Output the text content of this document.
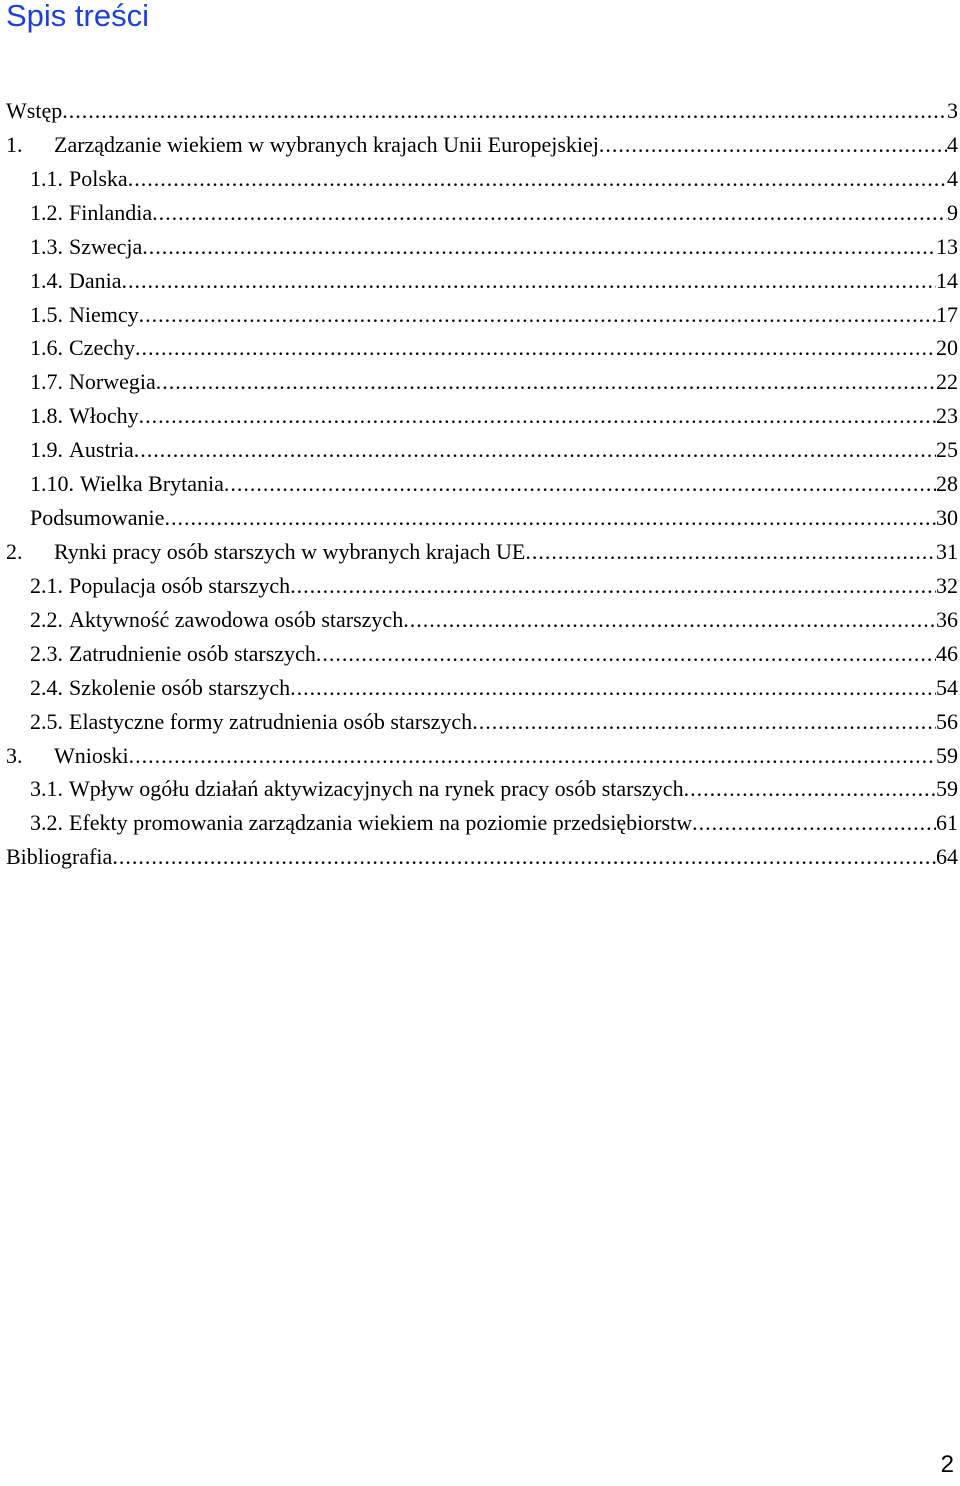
Spis treści
Wstęp .....	3
1.	Zarządzanie wiekiem w wybranych krajach Unii Europejskiej .....	4
1.1. Polska .....	4
1.2. Finlandia .....	9
1.3. Szwecja .....	13
1.4. Dania .....	14
1.5. Niemcy .....	17
1.6. Czechy .....	20
1.7. Norwegia .....	22
1.8. Włochy .....	23
1.9. Austria .....	25
1.10. Wielka Brytania .....	28
Podsumowanie .....	30
2.	Rynki pracy osób starszych w wybranych krajach UE .....	31
2.1. Populacja osób starszych .....	32
2.2. Aktywność zawodowa osób starszych .....	36
2.3. Zatrudnienie osób starszych .....	46
2.4. Szkolenie osób starszych .....	54
2.5. Elastyczne formy zatrudnienia osób starszych .....	56
3.	Wnioski .....	59
3.1. Wpływ ogółu działań aktywizacyjnych na rynek pracy osób starszych .....	59
3.2. Efekty promowania zarządzania wiekiem na poziomie przedsiębiorstw .....	61
Bibliografia .....	64
2
